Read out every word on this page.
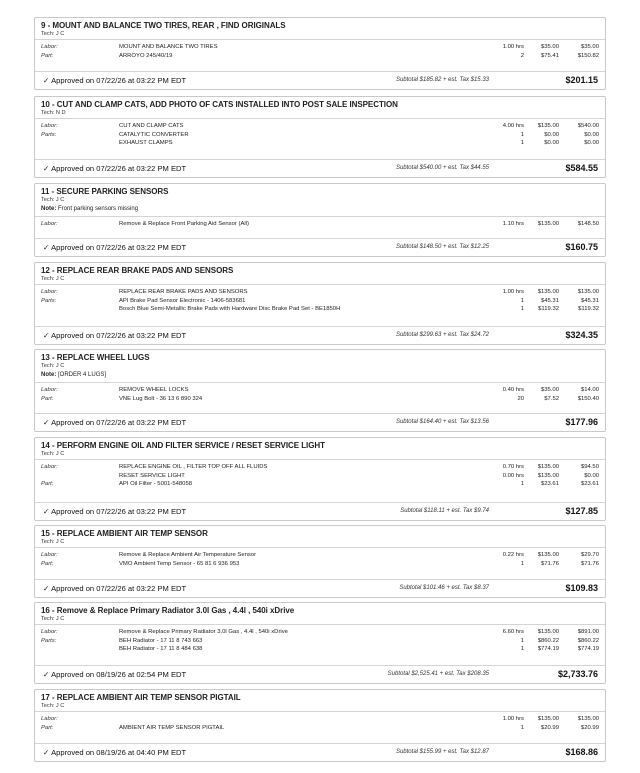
9 - MOUNT AND BALANCE TWO TIRES, REAR , FIND ORIGINALS
Tech: J C
Labor:	MOUNT AND BALANCE TWO TIRES	1.00 hrs	$35.00	$35.00
Part:	ARROYO 245/40/19	2	$75.41	$150.82
✓ Approved on 07/22/26 at 03:22 PM EDT	Subtotal $185.82 + est. Tax $15.33	$201.15
10 - CUT AND CLAMP CATS, ADD PHOTO OF CATS INSTALLED INTO POST SALE INSPECTION
Tech: N D
Labor:	CUT AND CLAMP CATS	4.00 hrs $135.00	$540.00
Parts:	CATALYTIC CONVERTER	1	$0.00	$0.00
EXHAUST CLAMPS	1	$0.00	$0.00
✓ Approved on 07/22/26 at 03:22 PM EDT	Subtotal $540.00 + est. Tax $44.55	$584.55
11 - SECURE PARKING SENSORS
Tech: J C
Note: Front parking sensors missing
Labor:	Remove & Replace Front Parking Aid Sensor (All)	1.10 hrs $135.00	$148.50
✓ Approved on 07/22/26 at 03:22 PM EDT	Subtotal $148.50 + est. Tax $12.25	$160.75
12 - REPLACE REAR BRAKE PADS AND SENSORS
Tech: J C
Labor:	REPLACE REAR BRAKE PADS AND SENSORS	1.00 hrs $135.00	$135.00
Parts:	API Brake Pad Sensor Electronic - 1406-583681	1	$45.31	$45.31
Bosch Blue Semi-Metallic Brake Pads with Hardware Disc Brake Pad Set - BE1850H	1 $119.32	$119.32
✓ Approved on 07/22/26 at 03:22 PM EDT	Subtotal $299.63 + est. Tax $24.72	$324.35
13 - REPLACE WHEEL LUGS
Tech: J C
Note: [ORDER 4 LUGS]
Labor:	REMOVE WHEEL LOCKS	0.40 hrs	$35.00	$14.00
Part:	VNE Lug Bolt - 36 13 6 890 324	20	$7.52	$150.40
✓ Approved on 07/22/26 at 03:22 PM EDT	Subtotal $164.40 + est. Tax $13.56	$177.96
14 - PERFORM ENGINE OIL AND FILTER SERVICE / RESET SERVICE LIGHT
Tech: J C
Labor:	REPLACE ENGINE OIL , FILTER TOP OFF ALL FLUIDS	0.70 hrs $135.00	$94.50
RESET SERVICE LIGHT	0.00 hrs $135.00	$0.00
Part:	API Oil Filter - 5001-548058	1	$23.61	$23.61
✓ Approved on 07/22/26 at 03:22 PM EDT	Subtotal $118.11 + est. Tax $9.74	$127.85
15 - REPLACE AMBIENT AIR TEMP SENSOR
Tech: J C
Labor:	Remove & Replace Ambient Air Temperature Sensor	0.22 hrs $135.00	$29.70
Part:	VMO Ambient Temp Sensor - 65 81 6 936 953	1	$71.76	$71.76
✓ Approved on 07/22/26 at 03:22 PM EDT	Subtotal $101.46 + est. Tax $8.37	$109.83
16 - Remove & Replace Primary Radiator 3.0l Gas , 4.4l , 540i xDrive
Tech: J C
Labor:	Remove & Replace Primary Radiator 3.0l Gas , 4.4l , 540i xDrive	6.60 hrs $135.00	$891.00
Parts:	BEH Radiator - 17 11 8 743 663	1 $860.22	$860.22
BEH Radiator - 17 11 8 484 638	1 $774.19	$774.19
✓ Approved on 08/19/26 at 02:54 PM EDT	Subtotal $2,525.41 + est. Tax $208.35	$2,733.76
17 - REPLACE AMBIENT AIR TEMP SENSOR PIGTAIL
Tech: J C
Labor:	1.00 hrs $135.00	$135.00
Part:	AMBIENT AIR TEMP SENSOR PIGTAIL	1	$20.99	$20.99
✓ Approved on 08/19/26 at 04:40 PM EDT	Subtotal $155.99 + est. Tax $12.87	$168.86
